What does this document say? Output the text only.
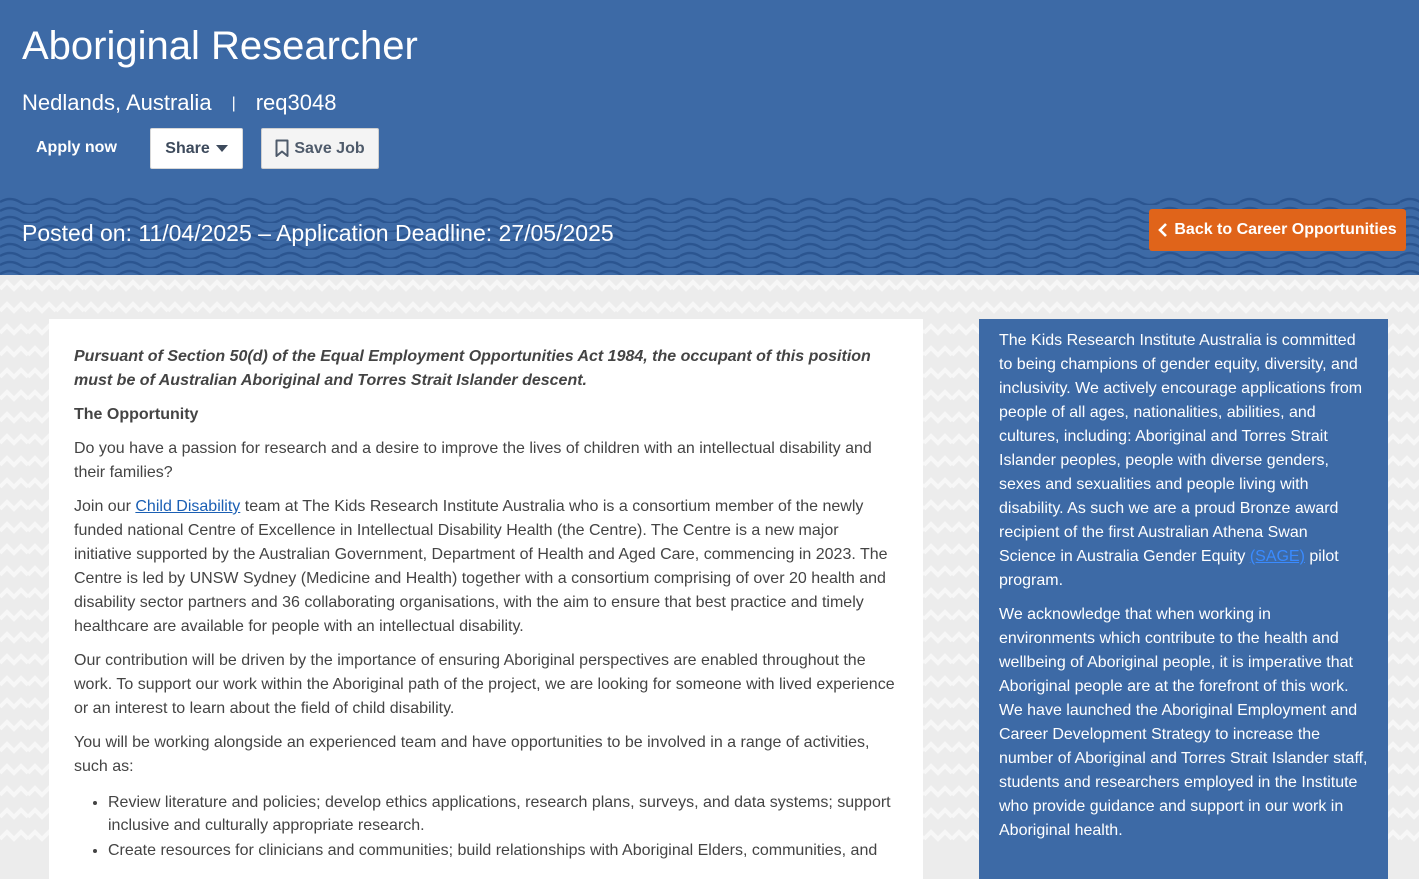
Aboriginal Researcher
Nedlands, Australia | req3048
Apply now	Share	Save Job
Posted on: 11/04/2025 – Application Deadline: 27/05/2025	Back to Career Opportunities

Pursuant of Section 50(d) of the Equal Employment Opportunities Act 1984, the occupant of this position must be of Australian Aboriginal and Torres Strait Islander descent.

The Opportunity

Do you have a passion for research and a desire to improve the lives of children with an intellectual disability and their families?

Join our Child Disability team at The Kids Research Institute Australia who is a consortium member of the newly funded national Centre of Excellence in Intellectual Disability Health (the Centre). The Centre is a new major initiative supported by the Australian Government, Department of Health and Aged Care, commencing in 2023. The Centre is led by UNSW Sydney (Medicine and Health) together with a consortium comprising of over 20 health and disability sector partners and 36 collaborating organisations, with the aim to ensure that best practice and timely healthcare are available for people with an intellectual disability.

Our contribution will be driven by the importance of ensuring Aboriginal perspectives are enabled throughout the work. To support our work within the Aboriginal path of the project, we are looking for someone with lived experience or an interest to learn about the field of child disability.

You will be working alongside an experienced team and have opportunities to be involved in a range of activities, such as:

• Review literature and policies; develop ethics applications, research plans, surveys, and data systems; support inclusive and culturally appropriate research.
• Create resources for clinicians and communities; build relationships with Aboriginal Elders, communities, and

The Kids Research Institute Australia is committed to being champions of gender equity, diversity, and inclusivity. We actively encourage applications from people of all ages, nationalities, abilities, and cultures, including: Aboriginal and Torres Strait Islander peoples, people with diverse genders, sexes and sexualities and people living with disability. As such we are a proud Bronze award recipient of the first Australian Athena Swan Science in Australia Gender Equity (SAGE) pilot program.

We acknowledge that when working in environments which contribute to the health and wellbeing of Aboriginal people, it is imperative that Aboriginal people are at the forefront of this work. We have launched the Aboriginal Employment and Career Development Strategy to increase the number of Aboriginal and Torres Strait Islander staff, students and researchers employed in the Institute who provide guidance and support in our work in Aboriginal health.
